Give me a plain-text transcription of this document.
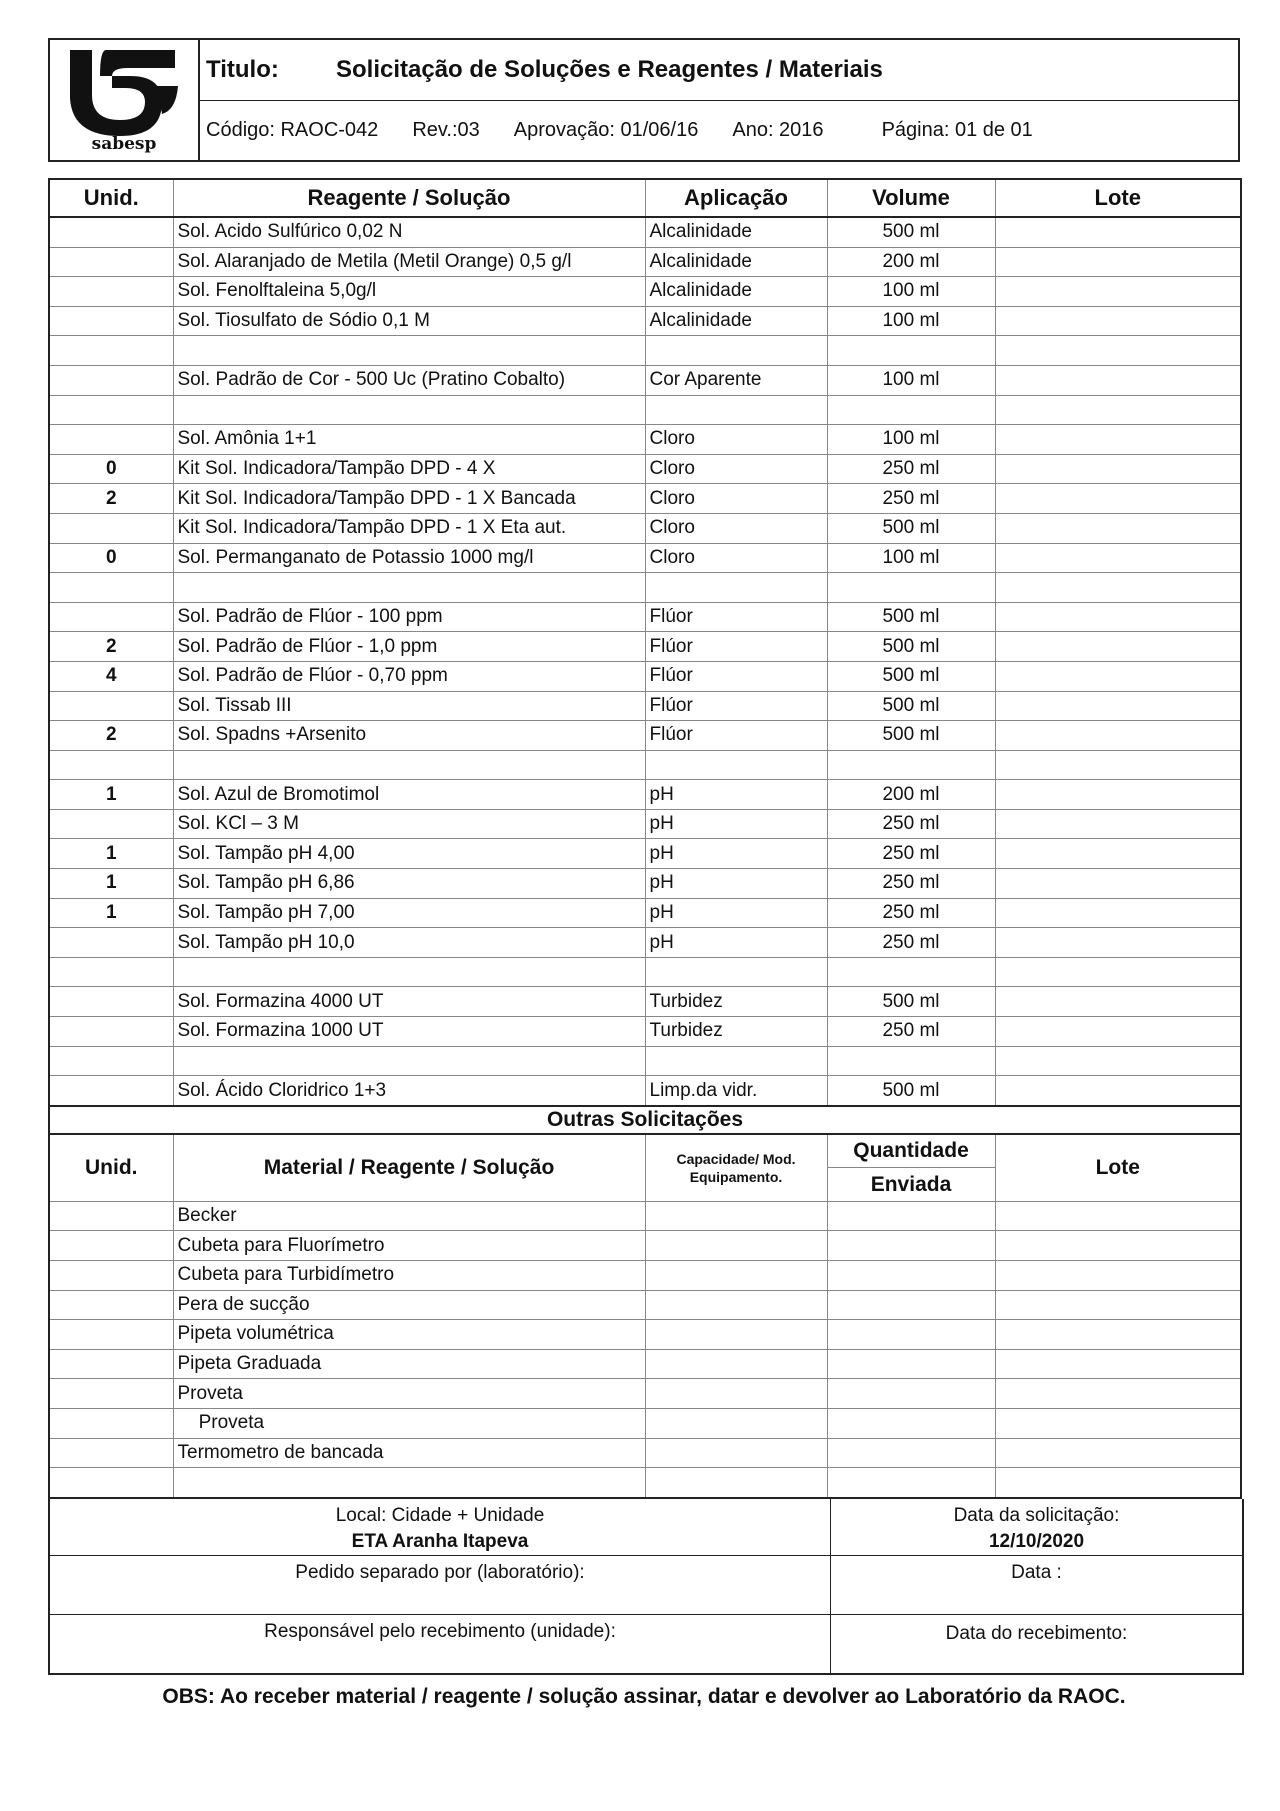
sabesp
Titulo:	Solicitação de Soluções e Reagentes / Materiais
Código: RAOC-042 Rev.:03 Aprovação: 01/06/16 Ano: 2016	Página: 01 de 01
Unid.	Reagente / Solução	Aplicação	Volume	Lote
	Sol. Acido Sulfúrico 0,02 N	Alcalinidade	500 ml	
	Sol. Alaranjado de Metila (Metil Orange) 0,5 g/l	Alcalinidade	200 ml	
	Sol. Fenolftaleina 5,0g/l	Alcalinidade	100 ml	
	Sol. Tiosulfato de Sódio 0,1 M	Alcalinidade	100 ml	

	Sol. Padrão de Cor - 500 Uc (Pratino Cobalto)	Cor Aparente	100 ml	

	Sol. Amônia 1+1	Cloro	100 ml	
0	Kit Sol. Indicadora/Tampão DPD - 4 X	Cloro	250 ml	
2	Kit Sol. Indicadora/Tampão DPD - 1 X Bancada	Cloro	250 ml	
	Kit Sol. Indicadora/Tampão DPD - 1 X Eta aut.	Cloro	500 ml	
0	Sol. Permanganato de Potassio 1000 mg/l	Cloro	100 ml	

	Sol. Padrão de Flúor - 100 ppm	Flúor	500 ml	
2	Sol. Padrão de Flúor - 1,0 ppm	Flúor	500 ml	
4	Sol. Padrão de Flúor - 0,70 ppm	Flúor	500 ml	
	Sol. Tissab III	Flúor	500 ml	
2	Sol. Spadns +Arsenito	Flúor	500 ml	

1	Sol. Azul de Bromotimol	pH	200 ml	
	Sol. KCl – 3 M	pH	250 ml	
1	Sol. Tampão pH 4,00	pH	250 ml	
1	Sol. Tampão pH 6,86	pH	250 ml	
1	Sol. Tampão pH 7,00	pH	250 ml	
	Sol. Tampão pH 10,0	pH	250 ml	

	Sol. Formazina 4000 UT	Turbidez	500 ml	
	Sol. Formazina 1000 UT	Turbidez	250 ml	

	Sol. Ácido Cloridrico 1+3	Limp.da vidr.	500 ml	
Outras Solicitações				
Unid.	Material / Reagente / Solução	Capacidade/ Mod. Equipamento.	Quantidade	Lote
			Enviada	
	Becker			
	Cubeta para Fluorímetro			
	Cubeta para Turbidímetro			
	Pera de sucção			
	Pipeta volumétrica			
	Pipeta Graduada			
	Proveta			
	Proveta			
	Termometro de bancada			

Local: Cidade + Unidade
ETA Aranha Itapeva
Data da solicitação:
12/10/2020
Pedido separado por (laboratório):	Data :
Responsável pelo recebimento (unidade):	Data do recebimento:
OBS: Ao receber material / reagente / solução assinar, datar e devolver ao Laboratório da RAOC.
